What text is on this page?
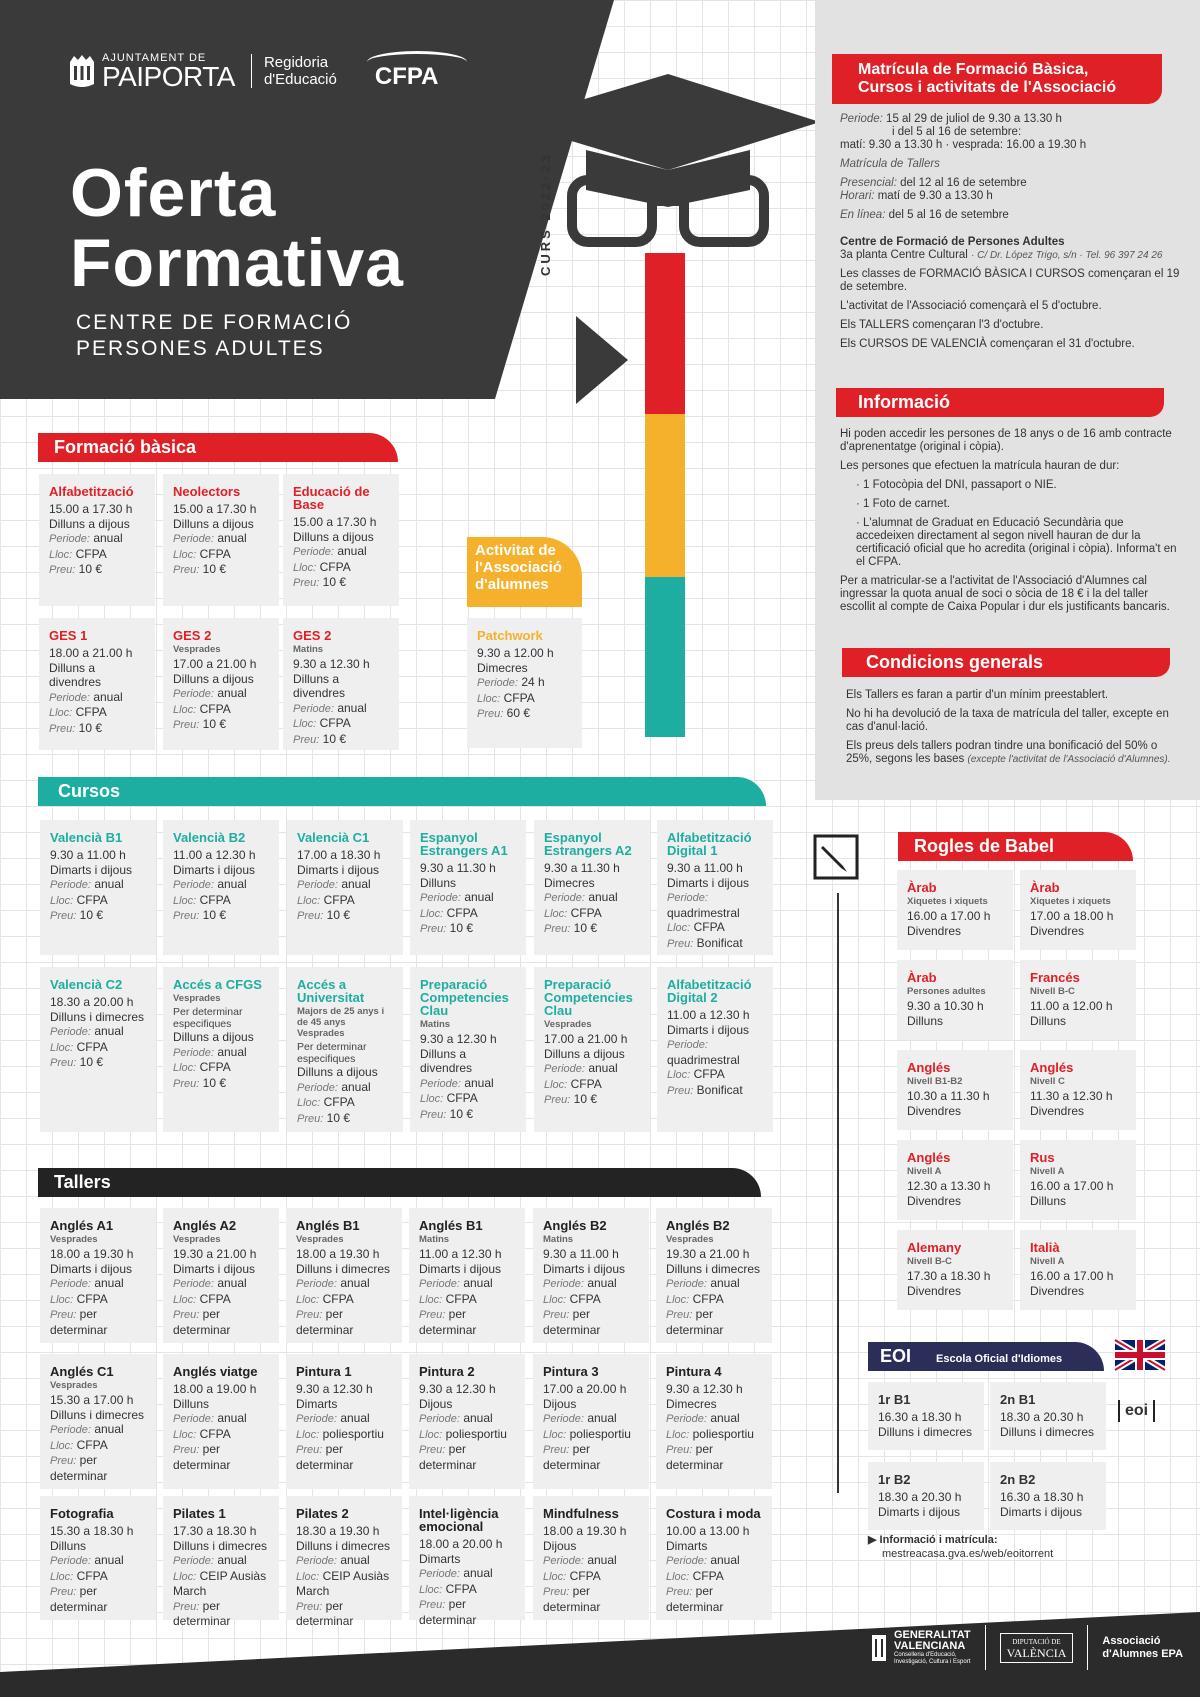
AJUNTAMENT DE
PAIPORTA Regidoria
d'Educació CFPA
Oferta
Formativa
CENTRE DE FORMACIÓ
PERSONES ADULTES
CURS 2022·23
Matrícula de Formació Bàsica,
Cursos i activitats de l'Associació

Periode: 15 al 29 de juliol de 9.30 a 13.30 h

i del 5 al 16 de setembre:

matí: 9.30 a 13.30 h · vesprada: 16.00 a 19.30 h

Matrícula de Tallers

Presencial: del 12 al 16 de setembre

Horari: matí de 9.30 a 13.30 h

En línea: del 5 al 16 de setembre

Centre de Formació de Persones Adultes

3a planta Centre Cultural · C/ Dr. López Trigo, s/n · Tel. 96 397 24 26

Les classes de FORMACIÓ BÀSICA I CURSOS començaran el 19 de setembre.

L'activitat de l'Associació començarà el 5 d'octubre.

Els TALLERS començaran l'3 d'octubre.

Els CURSOS DE VALENCIÀ començaran el 31 d'octubre.

Informació

Hi poden accedir les persones de 18 anys o de 16 amb contracte d'aprenentatge (original i còpia).

Les persones que efectuen la matrícula hauran de dur:

· 1 Fotocòpia del DNI, passaport o NIE.

· 1 Foto de carnet.

· L'alumnat de Graduat en Educació Secundària que accedeixen directament al segon nivell hauran de dur la certificació oficial que ho acredita (original i còpia). Informa't en el CFPA.

Per a matricular-se a l'activitat de l'Associació d'Alumnes cal ingressar la quota anual de soci o sòcia de 18 € i la del taller escollit al compte de Caixa Popular i dur els justificants bancaris.

Condicions generals

Els Tallers es faran a partir d'un mínim preestablert.

No hi ha devolució de la taxa de matrícula del taller, excepte en cas d'anul·lació.

Els preus dels tallers podran tindre una bonificació del 50% o 25%, segons les bases (excepte l'activitat de l'Associació d'Alumnes).

Formació bàsica
Activitat de
l'Associació
d'alumnes
Cursos
Tallers
Rogles de Babel
EOI Escola Oficial d'Idiomes
Alfabetització
15.00 a 17.30 h
Dilluns a dijous
Periode: anual
Lloc: CFPA
Preu: 10 €
Neolectors
15.00 a 17.30 h
Dilluns a dijous
Periode: anual
Lloc: CFPA
Preu: 10 €
Educació de Base
15.00 a 17.30 h
Dilluns a dijous
Periode: anual
Lloc: CFPA
Preu: 10 €
GES 1
18.00 a 21.00 h
Dilluns a divendres
Periode: anual
Lloc: CFPA
Preu: 10 €
GES 2
Vesprades
17.00 a 21.00 h
Dilluns a dijous
Periode: anual
Lloc: CFPA
Preu: 10 €
GES 2
Matins
9.30 a 12.30 h
Dilluns a divendres
Periode: anual
Lloc: CFPA
Preu: 10 €
Patchwork
9.30 a 12.00 h
Dimecres
Periode: 24 h
Lloc: CFPA
Preu: 60 €
Valencià B1
9.30 a 11.00 h
Dimarts i dijous
Periode: anual
Lloc: CFPA
Preu: 10 €
Valencià B2
11.00 a 12.30 h
Dimarts i dijous
Periode: anual
Lloc: CFPA
Preu: 10 €
Valencià C1
17.00 a 18.30 h
Dimarts i dijous
Periode: anual
Lloc: CFPA
Preu: 10 €
Espanyol Estrangers A1
9.30 a 11.30 h
Dilluns
Periode: anual
Lloc: CFPA
Preu: 10 €
Espanyol Estrangers A2
9.30 a 11.30 h
Dimecres
Periode: anual
Lloc: CFPA
Preu: 10 €
Alfabetització Digital 1
9.30 a 11.00 h
Dimarts i dijous
Periode: quadrimestral
Lloc: CFPA
Preu: Bonificat
Valencià C2
18.30 a 20.00 h
Dilluns i dimecres
Periode: anual
Lloc: CFPA
Preu: 10 €
Accés a CFGS
Vesprades
Per determinar especifiques
Dilluns a dijous
Periode: anual
Lloc: CFPA
Preu: 10 €
Accés a Universitat
Majors de 25 anys i de 45 anys
Vesprades
Per determinar especifiques
Dilluns a dijous
Periode: anual
Lloc: CFPA
Preu: 10 €
Preparació Competencies Clau
Matins
9.30 a 12.30 h
Dilluns a divendres
Periode: anual
Lloc: CFPA
Preu: 10 €
Preparació Competencies Clau
Vesprades
17.00 a 21.00 h
Dilluns a dijous
Periode: anual
Lloc: CFPA
Preu: 10 €
Alfabetització Digital 2
11.00 a 12.30 h
Dimarts i dijous
Periode: quadrimestral
Lloc: CFPA
Preu: Bonificat
Anglés A1
Vesprades
18.00 a 19.30 h
Dimarts i dijous
Periode: anual
Lloc: CFPA
Preu: per determinar
Anglés A2
Vesprades
19.30 a 21.00 h
Dimarts i dijous
Periode: anual
Lloc: CFPA
Preu: per determinar
Anglés B1
Vesprades
18.00 a 19.30 h
Dilluns i dimecres
Periode: anual
Lloc: CFPA
Preu: per determinar
Anglés B1
Matins
11.00 a 12.30 h
Dimarts i dijous
Periode: anual
Lloc: CFPA
Preu: per determinar
Anglés B2
Matins
9.30 a 11.00 h
Dimarts i dijous
Periode: anual
Lloc: CFPA
Preu: per determinar
Anglés B2
Vesprades
19.30 a 21.00 h
Dilluns i dimecres
Periode: anual
Lloc: CFPA
Preu: per determinar
Anglés C1
Vesprades
15.30 a 17.00 h
Dilluns i dimecres
Periode: anual
Lloc: CFPA
Preu: per determinar
Anglés viatge
18.00 a 19.00 h
Dilluns
Periode: anual
Lloc: CFPA
Preu: per determinar
Pintura 1
9.30 a 12.30 h
Dimarts
Periode: anual
Lloc: poliesportiu
Preu: per determinar
Pintura 2
9.30 a 12.30 h
Dijous
Periode: anual
Lloc: poliesportiu
Preu: per determinar
Pintura 3
17.00 a 20.00 h
Dijous
Periode: anual
Lloc: poliesportiu
Preu: per determinar
Pintura 4
9.30 a 12.30 h
Dimecres
Periode: anual
Lloc: poliesportiu
Preu: per determinar
Fotografia
15.30 a 18.30 h
Dilluns
Periode: anual
Lloc: CFPA
Preu: per determinar
Pilates 1
17.30 a 18.30 h
Dilluns i dimecres
Periode: anual
Lloc: CEIP Ausiàs March
Preu: per determinar
Pilates 2
18.30 a 19.30 h
Dilluns i dimecres
Periode: anual
Lloc: CEIP Ausiàs March
Preu: per determinar
Intel·ligència emocional
18.00 a 20.00 h
Dimarts
Periode: anual
Lloc: CFPA
Preu: per determinar
Mindfulness
18.00 a 19.30 h
Dijous
Periode: anual
Lloc: CFPA
Preu: per determinar
Costura i moda
10.00 a 13.00 h
Dimarts
Periode: anual
Lloc: CFPA
Preu: per determinar
Àrab
Xiquetes i xiquets
16.00 a 17.00 h
Divendres
Àrab
Xiquetes i xiquets
17.00 a 18.00 h
Divendres
Àrab
Persones adultes
9.30 a 10.30 h
Dilluns
Francés
Nivell B-C
11.00 a 12.00 h
Dilluns
Anglés
Nivell B1-B2
10.30 a 11.30 h
Divendres
Anglés
Nivell C
11.30 a 12.30 h
Divendres
Anglés
Nivell A
12.30 a 13.30 h
Divendres
Rus
Nivell A
16.00 a 17.00 h
Dilluns
Alemany
Nivell B-C
17.30 a 18.30 h
Divendres
Italià
Nivell A
16.00 a 17.00 h
Divendres
1r B1
16.30 a 18.30 h
Dilluns i dimecres
2n B1
18.30 a 20.30 h
Dilluns i dimecres
1r B2
18.30 a 20.30 h
Dimarts i dijous
2n B2
16.30 a 18.30 h
Dimarts i dijous
eoi
▶ Informació i matrícula:
mestreacasa.gva.es/web/eoitorrent
GENERALITAT
VALENCIANA
Conselleria d'Educació,
Investigació, Cultura i Esport
DIPUTACIÓ DE
VALÈNCIA
Associació
d'Alumnes EPA
